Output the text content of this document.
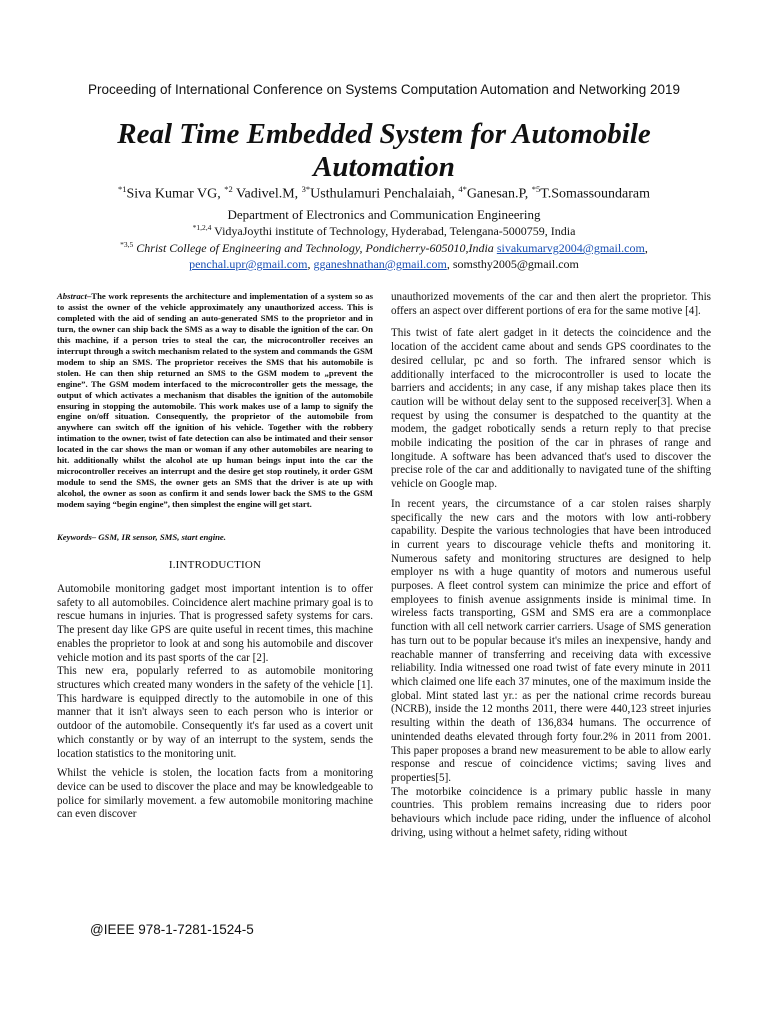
Proceeding of International Conference on Systems Computation Automation and Networking 2019
Real Time Embedded System for Automobile Automation
$^{*1}$Siva Kumar VG, $^{*2}$ Vadivel.M, $^{3*}$Usthulamuri Penchalaiah, $^{4*}$Ganesan.P, $^{*5}$T.Somassoundaram
Department of Electronics and Communication Engineering
$^{*1,2,4}$ VidyaJoythi institute of Technology, Hyderabad, Telengana-5000759, India
$^{*3,5}$ Christ College of Engineering and Technology, Pondicherry-605010,India sivakumarvg2004@gmail.com,
penchal.upr@gmail.com, gganeshnathan@gmail.com, somsthy2005@gmail.com

Abstract–The work represents the architecture and implementation of a system so as to assist the owner of the vehicle approximately any unauthorized access. This is completed with the aid of sending an auto-generated SMS to the proprietor and in turn, the owner can ship back the SMS as a way to disable the ignition of the car. On this machine, if a person tries to steal the car, the microcontroller receives an interrupt through a switch mechanism related to the system and commands the GSM modem to ship an SMS. The proprietor receives the SMS that his automobile is stolen. He can then ship returned an SMS to the GSM modem to „prevent the engine”. The GSM modem interfaced to the microcontroller gets the message, the output of which activates a mechanism that disables the ignition of the automobile ensuring in stopping the automobile. This work makes use of a lamp to signify the engine on/off situation. Consequently, the proprietor of the automobile from anywhere can switch off the ignition of his vehicle. Together with the robbery intimation to the owner, twist of fate detection can also be intimated and their sensor located in the car shows the man or woman if any other automobiles are nearing to hit. additionally whilst the alcohol ate up human beings input into the car the microcontroller receives an interrupt and the desire get stop routinely, it order GSM module to send the SMS, the owner gets an SMS that the driver is ate up with alcohol, the owner as soon as confirm it and sends lower back the SMS to the GSM modem saying “begin engine”, then simplest the engine will get start.

Keywords– GSM, IR sensor, SMS, start engine.

I.INTRODUCTION

Automobile monitoring gadget most important intention is to offer safety to all automobiles. Coincidence alert machine primary goal is to rescue humans in injuries. That is progressed safety systems for cars. The present day like GPS are quite useful in recent times, this machine enables the proprietor to look at and song his automobile and discover vehicle motion and its past sports of the car [2].

This new era, popularly referred to as automobile monitoring structures which created many wonders in the safety of the vehicle [1]. This hardware is equipped directly to the automobile in one of this manner that it isn't always seen to each person who is interior or outdoor of the automobile. Consequently it's far used as a covert unit which constantly or by way of an interrupt to the system, sends the location statistics to the monitoring unit.

Whilst the vehicle is stolen, the location facts from a monitoring device can be used to discover the place and may be knowledgeable to police for similarly movement. a few automobile monitoring machine can even discover

unauthorized movements of the car and then alert the proprietor. This offers an aspect over different portions of era for the same motive [4].

This twist of fate alert gadget in it detects the coincidence and the location of the accident came about and sends GPS coordinates to the desired cellular, pc and so forth. The infrared sensor which is additionally interfaced to the microcontroller is used to locate the barriers and accidents; in any case, if any mishap takes place then its caution will be without delay sent to the supposed receiver[3]. When a request by using the consumer is despatched to the quantity at the modem, the gadget robotically sends a return reply to that precise mobile indicating the position of the car in phrases of range and longitude. A software has been advanced that's used to discover the precise role of the car and additionally to navigated tune of the shifting vehicle on Google map.

In recent years, the circumstance of a car stolen raises sharply specifically the new cars and the motors with low anti-robbery capability. Despite the various technologies that have been introduced in current years to discourage vehicle thefts and monitoring it. Numerous safety and monitoring structures are designed to help employer ns with a huge quantity of motors and numerous useful purposes. A fleet control system can minimize the price and effort of employees to finish avenue assignments inside is minimal time. In wireless facts transporting, GSM and SMS era are a commonplace function with all cell network carrier carriers. Usage of SMS generation has turn out to be popular because it's miles an inexpensive, handy and reachable manner of transferring and receiving data with excessive reliability. India witnessed one road twist of fate every minute in 2011 which claimed one life each 37 minutes, one of the maximum inside the global. Mint stated last yr.: as per the national crime records bureau (NCRB), inside the 12 months 2011, there were 440,123 street injuries resulting within the death of 136,834 humans. The occurrence of unintended deaths elevated through forty four.2% in 2011 from 2001. This paper proposes a brand new measurement to be able to allow early response and rescue of coincidence victims; saving lives and properties[5].

The motorbike coincidence is a primary public hassle in many countries. This problem remains increasing due to riders poor behaviours which include pace riding, under the influence of alcohol driving, using without a helmet safety, riding without

@IEEE 978-1-7281-1524-5
